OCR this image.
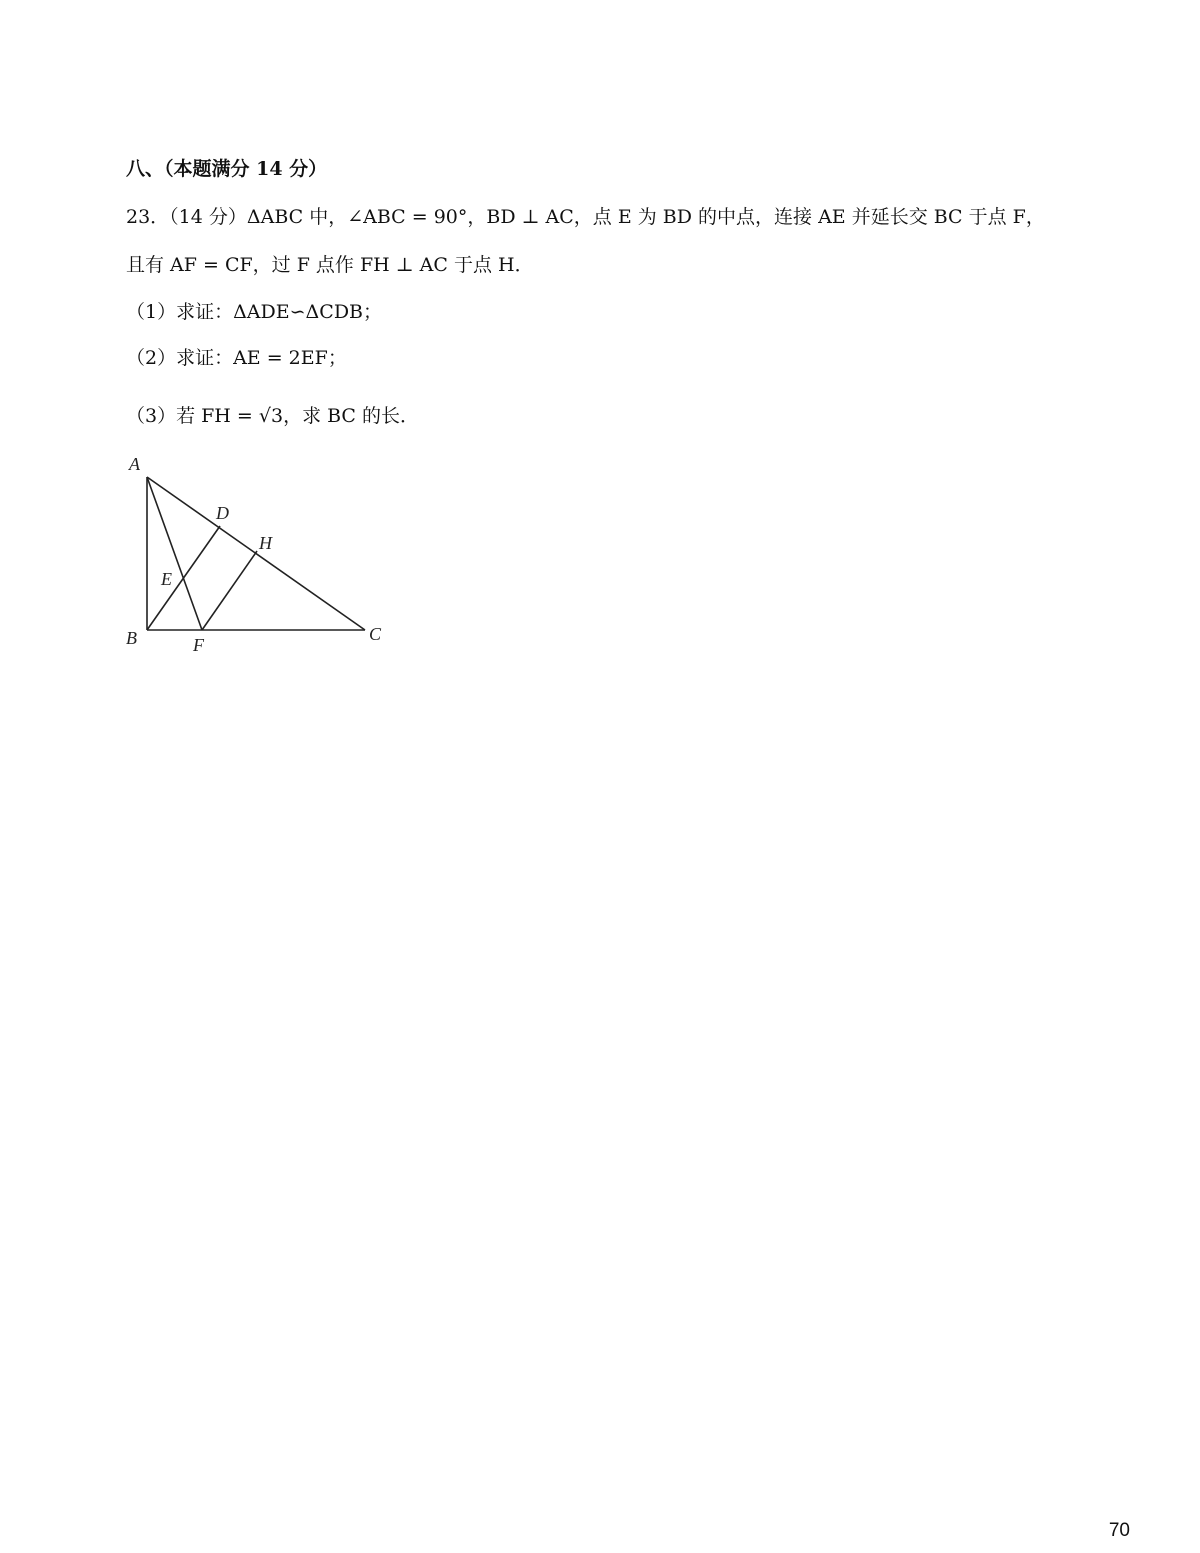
八、（本题满分 14 分）
23．（14 分）ΔABC 中，∠ABC = 90°，BD ⊥ AC，点 E 为 BD 的中点，连接 AE 并延长交 BC 于点 F，
且有 AF = CF，过 F 点作 FH ⊥ AC 于点 H．
（1）求证：ΔADE∽ΔCDB；
（2）求证：AE = 2EF；
（3）若 FH = √3，求 BC 的长．
A
D
H
E
B	F
C
70
